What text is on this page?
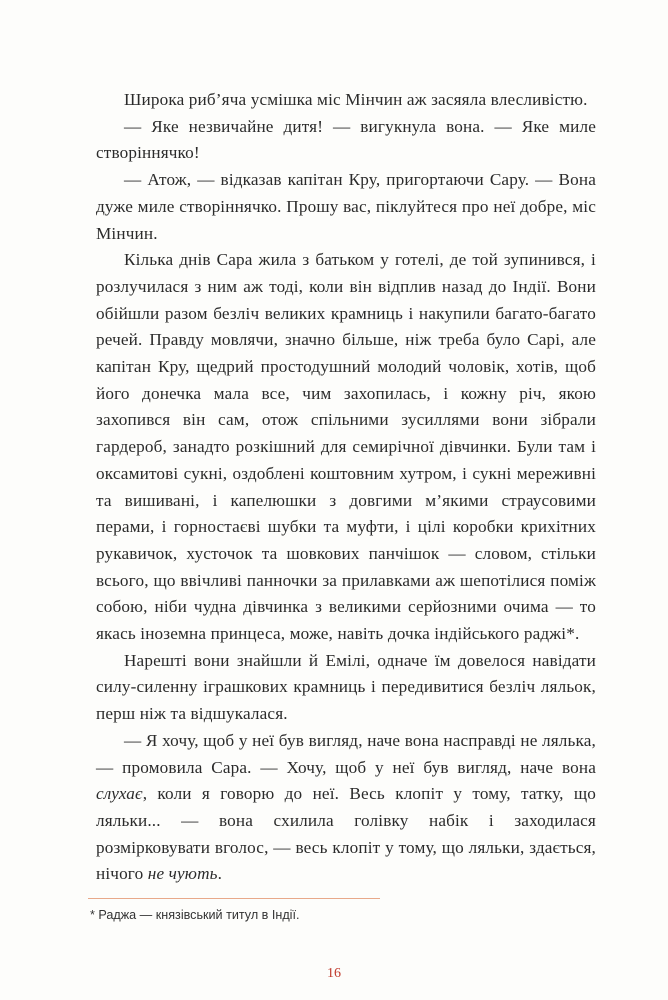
Широка риб’яча усмішка міс Мінчин аж засяяла влесливістю.

— Яке незвичайне дитя! — вигукнула вона. — Яке миле створіннячко!

— Атож, — відказав капітан Кру, пригортаючи Сару. — Вона дуже миле створіннячко. Прошу вас, піклуйтеся про неї добре, міс Мінчин.

Кілька днів Сара жила з батьком у готелі, де той зупинився, і розлучилася з ним аж тоді, коли він відплив назад до Індії. Вони обійшли разом безліч великих крамниць і накупили багато-багато речей. Правду мовлячи, значно більше, ніж треба було Сарі, але капітан Кру, щедрий простодушний молодий чоловік, хотів, щоб його донечка мала все, чим захопилась, і кожну річ, якою захопився він сам, отож спільними зусиллями вони зібрали гардероб, занадто розкішний для семирічної дівчинки. Були там і оксамитові сукні, оздоблені коштовним хутром, і сукні мереживні та вишивані, і капелюшки з довгими м’якими страусовими перами, і горностаєві шубки та муфти, і цілі коробки крихітних рукавичок, хусточок та шовкових панчішок — словом, стільки всього, що ввічливі панночки за прилавками аж шепотілися поміж собою, ніби чудна дівчинка з великими серйозними очима — то якась іноземна принцеса, може, навіть дочка індійського раджі*.

Нарешті вони знайшли й Емілі, одначе їм довелося навідати силу-силенну іграшкових крамниць і передивитися безліч ляльок, перш ніж та відшукалася.

— Я хочу, щоб у неї був вигляд, наче вона насправді не лялька, — промовила Сара. — Хочу, щоб у неї був вигляд, наче вона слухає, коли я говорю до неї. Весь клопіт у тому, татку, що ляльки... — вона схилила голівку набік і заходилася розмірковувати вголос, — весь клопіт у тому, що ляльки, здається, нічого не чують.

* Раджа — князівський титул в Індії.
16
